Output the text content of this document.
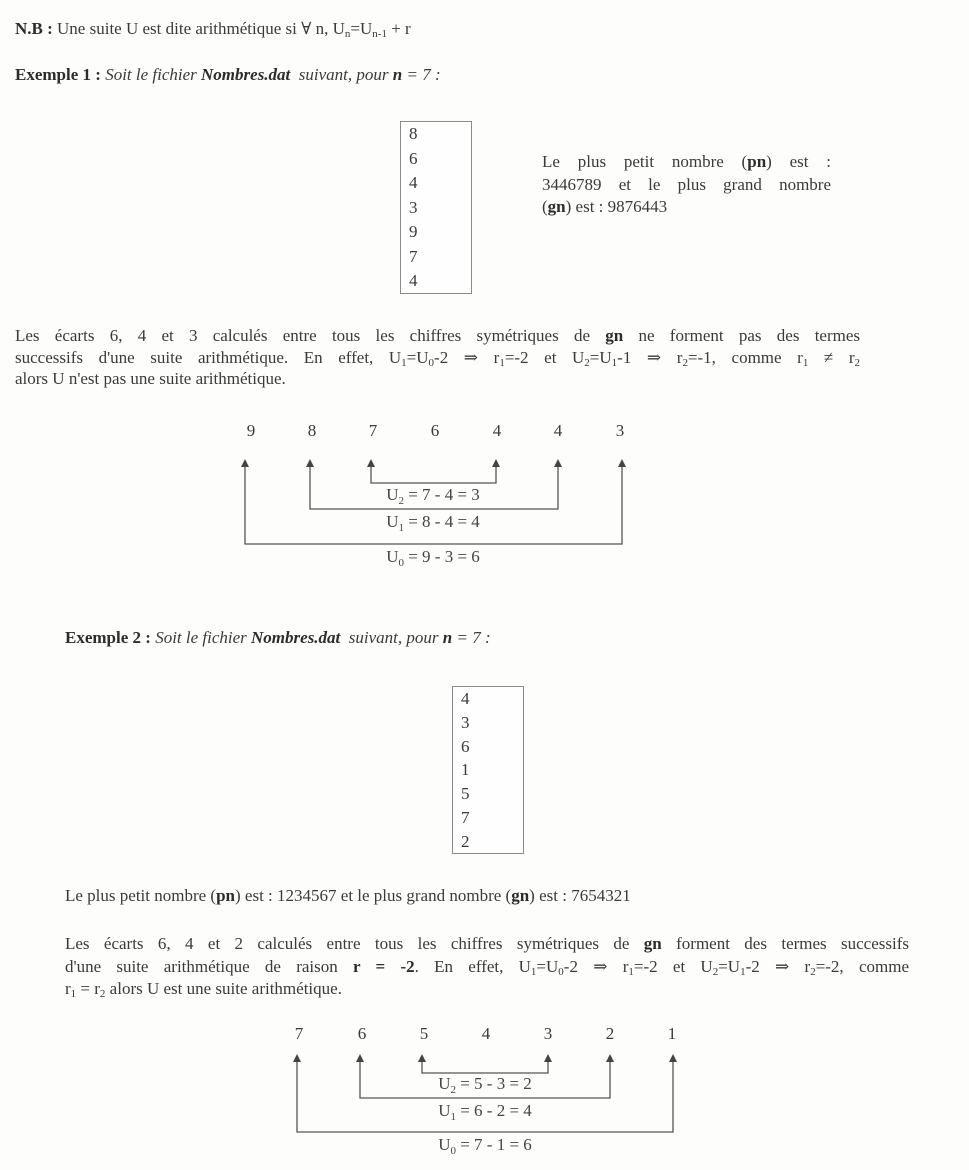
N.B : Une suite U est dite arithmétique si ∀ n, $U_n=U_{n-1} + r$
Exemple 1 : Soit le fichier Nombres.dat suivant, pour n = 7 :
8
6
4
3
9
7
4
Le plus petit nombre (pn) est :
3446789 et le plus grand nombre
(gn) est : 9876443
Les écarts 6, 4 et 3 calculés entre tous les chiffres symétriques de gn ne forment pas des termes
successifs d'une suite arithmétique. En effet, $U_1=U_0-2$ ⇒ $r_1=-2$ et $U_2=U_1-1$ ⇒ $r_2=-1$, comme $r_1 \ne r_2$
alors U n'est pas une suite arithmétique.
9	8	7	6	4	4	3
$U_2 = 7 - 4 = 3$
$U_1 = 8 - 4 = 4$
$U_0 = 9 - 3 = 6$
7	6	5	4	3	2	1
$U_2 = 5 - 3 = 2$
$U_1 = 6 - 2 = 4$
$U_0 = 7 - 1 = 6$
Exemple 2 : Soit le fichier Nombres.dat suivant, pour n = 7 :
4
3
6
1
5
7
2
Le plus petit nombre (pn) est : 1234567 et le plus grand nombre (gn) est : 7654321
Les écarts 6, 4 et 2 calculés entre tous les chiffres symétriques de gn forment des termes successifs
d'une suite arithmétique de raison r = -2. En effet, $U_1=U_0-2$ ⇒ $r_1=-2$ et $U_2=U_1-2$ ⇒ $r_2=-2$, comme
$r_1 = r_2$ alors U est une suite arithmétique.
